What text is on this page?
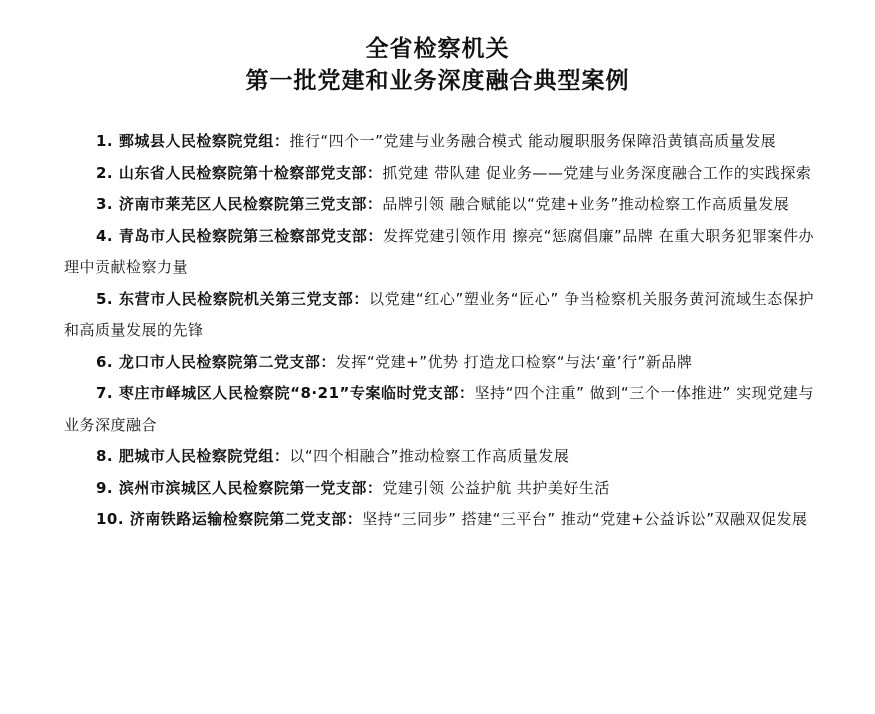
全省检察机关
第一批党建和业务深度融合典型案例
1. 鄄城县人民检察院党组：推行“四个一”党建与业务融合模式 能动履职服务保障沿黄镇高质量发展
2. 山东省人民检察院第十检察部党支部：抓党建 带队建 促业务——党建与业务深度融合工作的实践探索
3. 济南市莱芜区人民检察院第三党支部：品牌引领 融合赋能以“党建+业务”推动检察工作高质量发展
4. 青岛市人民检察院第三检察部党支部：发挥党建引领作用 擦亮“惩腐倡廉”品牌 在重大职务犯罪案件办理中贡献检察力量
5. 东营市人民检察院机关第三党支部：以党建“红心”塑业务“匠心” 争当检察机关服务黄河流域生态保护和高质量发展的先锋
6. 龙口市人民检察院第二党支部：发挥“党建+”优势 打造龙口检察“与法‘童’行”新品牌
7. 枣庄市峄城区人民检察院“8·21”专案临时党支部：坚持“四个注重” 做到“三个一体推进” 实现党建与业务深度融合
8. 肥城市人民检察院党组：以“四个相融合”推动检察工作高质量发展
9. 滨州市滨城区人民检察院第一党支部：党建引领 公益护航 共护美好生活
10. 济南铁路运输检察院第二党支部：坚持“三同步” 搭建“三平台” 推动“党建+公益诉讼”双融双促发展
